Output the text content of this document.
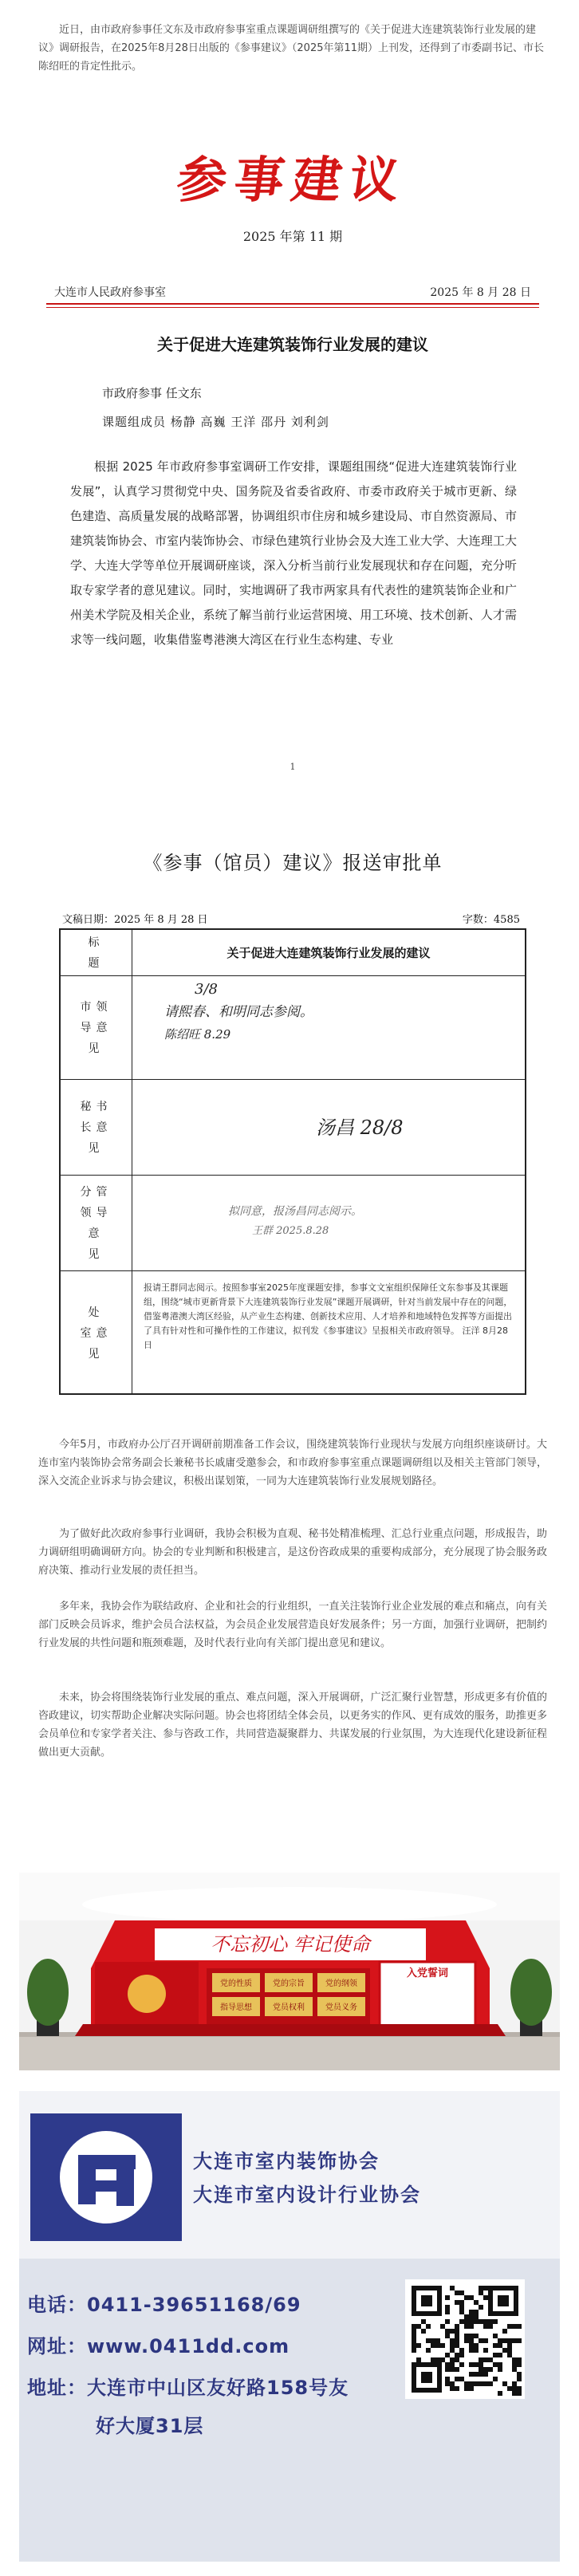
近日，由市政府参事任文东及市政府参事室重点课题调研组撰写的《关于促进大连建筑装饰行业发展的建议》调研报告，在2025年8月28日出版的《参事建议》（2025年第11期）上刊发，还得到了市委副书记、市长陈绍旺的肯定性批示。
参事建议
2025 年第 11 期
大连市人民政府参事室	2025 年 8 月 28 日
关于促进大连建筑装饰行业发展的建议
市政府参事 任文东
课题组成员 杨静 高巍 王洋 邵丹 刘利剑
根据 2025 年市政府参事室调研工作安排，课题组围绕“促进大连建筑装饰行业发展”，认真学习贯彻党中央、国务院及省委省政府、市委市政府关于城市更新、绿色建造、高质量发展的战略部署，协调组织市住房和城乡建设局、市自然资源局、市建筑装饰协会、市室内装饰协会、市绿色建筑行业协会及大连工业大学、大连理工大学、大连大学等单位开展调研座谈，深入分析当前行业发展现状和存在问题，充分听取专家学者的意见建议。同时，实地调研了我市两家具有代表性的建筑装饰企业和广州美术学院及相关企业，系统了解当前行业运营困境、用工环境、技术创新、人才需求等一线问题，收集借鉴粤港澳大湾区在行业生态构建、专业
1
《参事（馆员）建议》报送审批单
文稿日期：2025 年 8 月 28 日	字数：4585
标 题
关于促进大连建筑装饰行业发展的建议
市领导意 见
3/8
请熙春、和明同志参阅。
陈绍旺 8.29
秘书长意 见
汤昌 28/8
分管领导意 见
拟同意，报汤昌同志阅示。
王群 2025.8.28
处 室意 见
报请王群同志阅示。按照参事室2025年度课题安排，参事文文室组织保障任文东参事及其课题组，围绕“城市更新背景下大连建筑装饰行业发展”课题开展调研，针对当前发展中存在的问题，借鉴粤港澳大湾区经验，从产业生态构建、创新技术应用、人才培养和地域特色发挥等方面提出了具有针对性和可操作性的工作建议，拟刊发《参事建议》呈报相关市政府领导。 汪洋 8月28日
今年5月，市政府办公厅召开调研前期准备工作会议，围绕建筑装饰行业现状与发展方向组织座谈研讨。大连市室内装饰协会常务副会长兼秘书长戚庸受邀参会，和市政府参事室重点课题调研组以及相关主管部门领导，深入交流企业诉求与协会建议，积极出谋划策，一同为大连建筑装饰行业发展规划路径。
为了做好此次政府参事行业调研，我协会积极为直观、秘书处精准梳理、汇总行业重点问题，形成报告，助力调研组明确调研方向。协会的专业判断和积极建言，是这份咨政成果的重要构成部分，充分展现了协会服务政府决策、推动行业发展的责任担当。
多年来，我协会作为联结政府、企业和社会的行业组织，一直关注装饰行业企业发展的难点和痛点，向有关部门反映会员诉求，维护会员合法权益，为会员企业发展营造良好发展条件；另一方面，加强行业调研，把制约行业发展的共性问题和瓶颈难题，及时代表行业向有关部门提出意见和建议。
未来，协会将围绕装饰行业发展的重点、难点问题，深入开展调研，广泛汇聚行业智慧，形成更多有价值的咨政建议，切实帮助企业解决实际问题。协会也将团结全体会员，以更务实的作风、更有成效的服务，助推更多会员单位和专家学者关注、参与咨政工作，共同营造凝聚群力、共谋发展的行业氛围，为大连现代化建设新征程做出更大贡献。
不忘初心 牢记使命
入党誓词
党的性质	党的宗旨	党的纲领
指导思想	党员权利	党员义务
大连市室内装饰协会
大连市室内设计行业协会
电话：0411-39651168/69
网址：www.0411dd.com
地址：大连市中山区友好路158号友
好大厦31层
